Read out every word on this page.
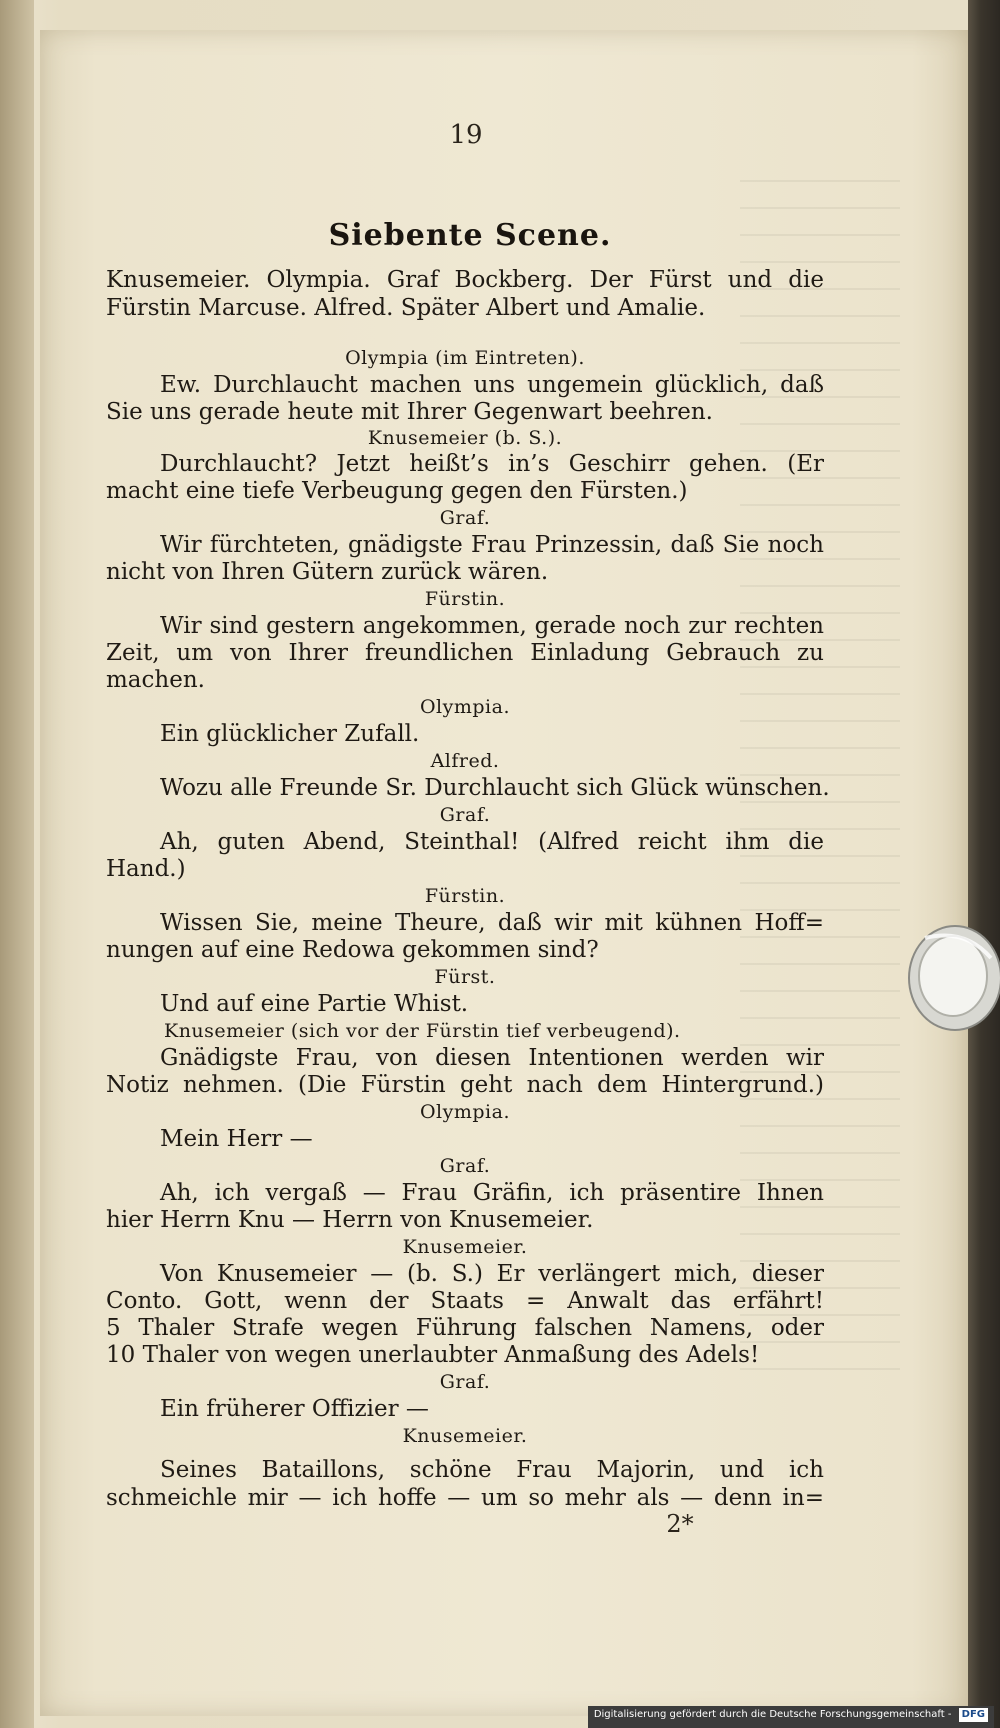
19
Siebente Scene.
Knusemeier. Olympia. Graf Bockberg. Der Fürst und die
Fürstin Marcuse. Alfred. Später Albert und Amalie.
Olympia (im Eintreten).
Ew. Durchlaucht machen uns ungemein glücklich, daß
Sie uns gerade heute mit Ihrer Gegenwart beehren.
Knusemeier (b. S.).
Durchlaucht? Jetzt heißt’s in’s Geschirr gehen. (Er
macht eine tiefe Verbeugung gegen den Fürsten.)
Graf.
Wir fürchteten, gnädigste Frau Prinzessin, daß Sie noch
nicht von Ihren Gütern zurück wären.
Fürstin.
Wir sind gestern angekommen, gerade noch zur rechten
Zeit, um von Ihrer freundlichen Einladung Gebrauch zu
machen.
Olympia.
Ein glücklicher Zufall.
Alfred.
Wozu alle Freunde Sr. Durchlaucht sich Glück wünschen.
Graf.
Ah, guten Abend, Steinthal! (Alfred reicht ihm die
Hand.)
Fürstin.
Wissen Sie, meine Theure, daß wir mit kühnen Hoff=
nungen auf eine Redowa gekommen sind?
Fürst.
Und auf eine Partie Whist.
Knusemeier (sich vor der Fürstin tief verbeugend).
Gnädigste Frau, von diesen Intentionen werden wir
Notiz nehmen. (Die Fürstin geht nach dem Hintergrund.)
Olympia.
Mein Herr —
Graf.
Ah, ich vergaß — Frau Gräfin, ich präsentire Ihnen
hier Herrn Knu — Herrn von Knusemeier.
Knusemeier.
Von Knusemeier — (b. S.) Er verlängert mich, dieser
Conto. Gott, wenn der Staats = Anwalt das erfährt!
5 Thaler Strafe wegen Führung falschen Namens, oder
10 Thaler von wegen unerlaubter Anmaßung des Adels!
Graf.
Ein früherer Offizier —
Knusemeier.
Seines Bataillons, schöne Frau Majorin, und ich
schmeichle mir — ich hoffe — um so mehr als — denn in=
2*
Digitalisierung gefördert durch die Deutsche Forschungsgemeinschaft - DFG
